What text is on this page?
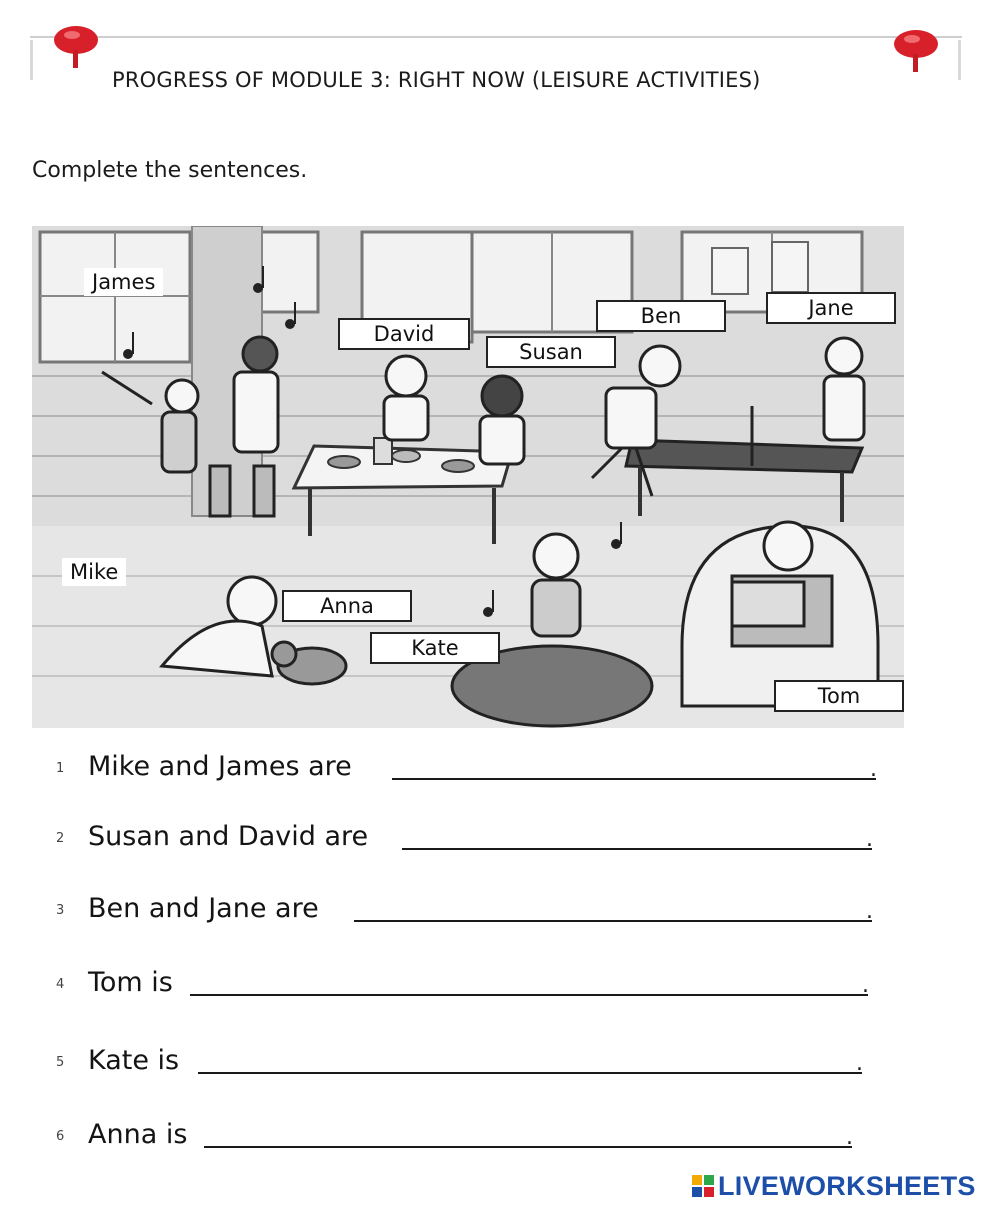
PROGRESS OF MODULE 3: RIGHT NOW (LEISURE ACTIVITIES)
Complete the sentences.
James
David
Susan
Ben	Jane
Mike
Anna
Kate
Tom
1 Mike and James are	.
2 Susan and David are	.
3 Ben and Jane are	.
4 Tom is	.
5 Kate is	.
6 Anna is	.
LIVEWORKSHEETS
